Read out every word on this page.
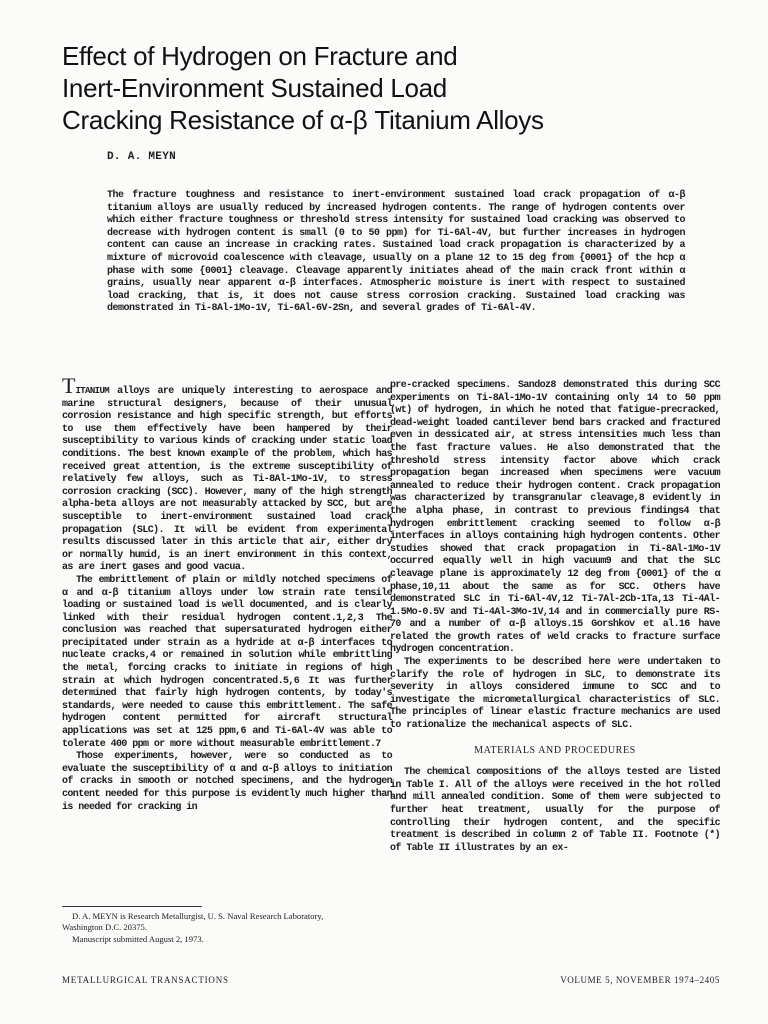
Effect of Hydrogen on Fracture and
Inert-Environment Sustained Load
Cracking Resistance of α-β Titanium Alloys
D. A. MEYN

The fracture toughness and resistance to inert-environment sustained load crack propagation of α-β titanium alloys are usually reduced by increased hydrogen contents. The range of hydrogen contents over which either fracture toughness or threshold stress intensity for sustained load cracking was observed to decrease with hydrogen content is small (0 to 50 ppm) for Ti-6Al-4V, but further increases in hydrogen content can cause an increase in cracking rates. Sustained load crack propagation is characterized by a mixture of microvoid coalescence with cleavage, usually on a plane 12 to 15 deg from {0001} of the hcp α phase with some {0001} cleavage. Cleavage apparently initiates ahead of the main crack front within α grains, usually near apparent α-β interfaces. Atmospheric moisture is inert with respect to sustained load cracking, that is, it does not cause stress corrosion cracking. Sustained load cracking was demonstrated in Ti-8Al-1Mo-1V, Ti-6Al-6V-2Sn, and several grades of Ti-6Al-4V.

TITANIUM alloys are uniquely interesting to aerospace and marine structural designers, because of their unusual corrosion resistance and high specific strength, but efforts to use them effectively have been hampered by their susceptibility to various kinds of cracking under static load conditions. The best known example of the problem, which has received great attention, is the extreme susceptibility of relatively few alloys, such as Ti-8Al-1Mo-1V, to stress corrosion cracking (SCC). However, many of the high strength alpha-beta alloys are not measurably attacked by SCC, but are susceptible to inert-environment sustained load crack propagation (SLC). It will be evident from experimental results discussed later in this article that air, either dry or normally humid, is an inert environment in this context, as are inert gases and good vacua.

The embrittlement of plain or mildly notched specimens of α and α-β titanium alloys under low strain rate tensile loading or sustained load is well documented, and is clearly linked with their residual hydrogen content.1,2,3 The conclusion was reached that supersaturated hydrogen either precipitated under strain as a hydride at α-β interfaces to nucleate cracks,4 or remained in solution while embrittling the metal, forcing cracks to initiate in regions of high strain at which hydrogen concentrated.5,6 It was further determined that fairly high hydrogen contents, by today's standards, were needed to cause this embrittlement. The safe hydrogen content permitted for aircraft structural applications was set at 125 ppm,6 and Ti-6Al-4V was able to tolerate 400 ppm or more without measurable embrittlement.7

Those experiments, however, were so conducted as to evaluate the susceptibility of α and α-β alloys to initiation of cracks in smooth or notched specimens, and the hydrogen content needed for this purpose is evidently much higher than is needed for cracking in

pre-cracked specimens. Sandoz8 demonstrated this during SCC experiments on Ti-8Al-1Mo-1V containing only 14 to 50 ppm (wt) of hydrogen, in which he noted that fatigue-precracked, dead-weight loaded cantilever bend bars cracked and fractured even in dessicated air, at stress intensities much less than the fast fracture values. He also demonstrated that the threshold stress intensity factor above which crack propagation began increased when specimens were vacuum annealed to reduce their hydrogen content. Crack propagation was characterized by transgranular cleavage,8 evidently in the alpha phase, in contrast to previous findings4 that hydrogen embrittlement cracking seemed to follow α-β interfaces in alloys containing high hydrogen contents. Other studies showed that crack propagation in Ti-8Al-1Mo-1V occurred equally well in high vacuum9 and that the SLC cleavage plane is approximately 12 deg from {0001} of the α phase,10,11 about the same as for SCC. Others have demonstrated SLC in Ti-6Al-4V,12 Ti-7Al-2Cb-1Ta,13 Ti-4Al-1.5Mo-0.5V and Ti-4Al-3Mo-1V,14 and in commercially pure RS-70 and a number of α-β alloys.15 Gorshkov et al.16 have related the growth rates of weld cracks to fracture surface hydrogen concentration.

The experiments to be described here were undertaken to clarify the role of hydrogen in SLC, to demonstrate its severity in alloys considered immune to SCC and to investigate the micrometallurgical characteristics of SLC. The principles of linear elastic fracture mechanics are used to rationalize the mechanical aspects of SLC.

MATERIALS AND PROCEDURES

The chemical compositions of the alloys tested are listed in Table I. All of the alloys were received in the hot rolled and mill annealed condition. Some of them were subjected to further heat treatment, usually for the purpose of controlling their hydrogen content, and the specific treatment is described in column 2 of Table II. Footnote (*) of Table II illustrates by an ex-

D. A. MEYN is Research Metallurgist, U. S. Naval Research Laboratory, Washington D.C. 20375.

Manuscript submitted August 2, 1973.

METALLURGICAL TRANSACTIONS	VOLUME 5, NOVEMBER 1974–2405
